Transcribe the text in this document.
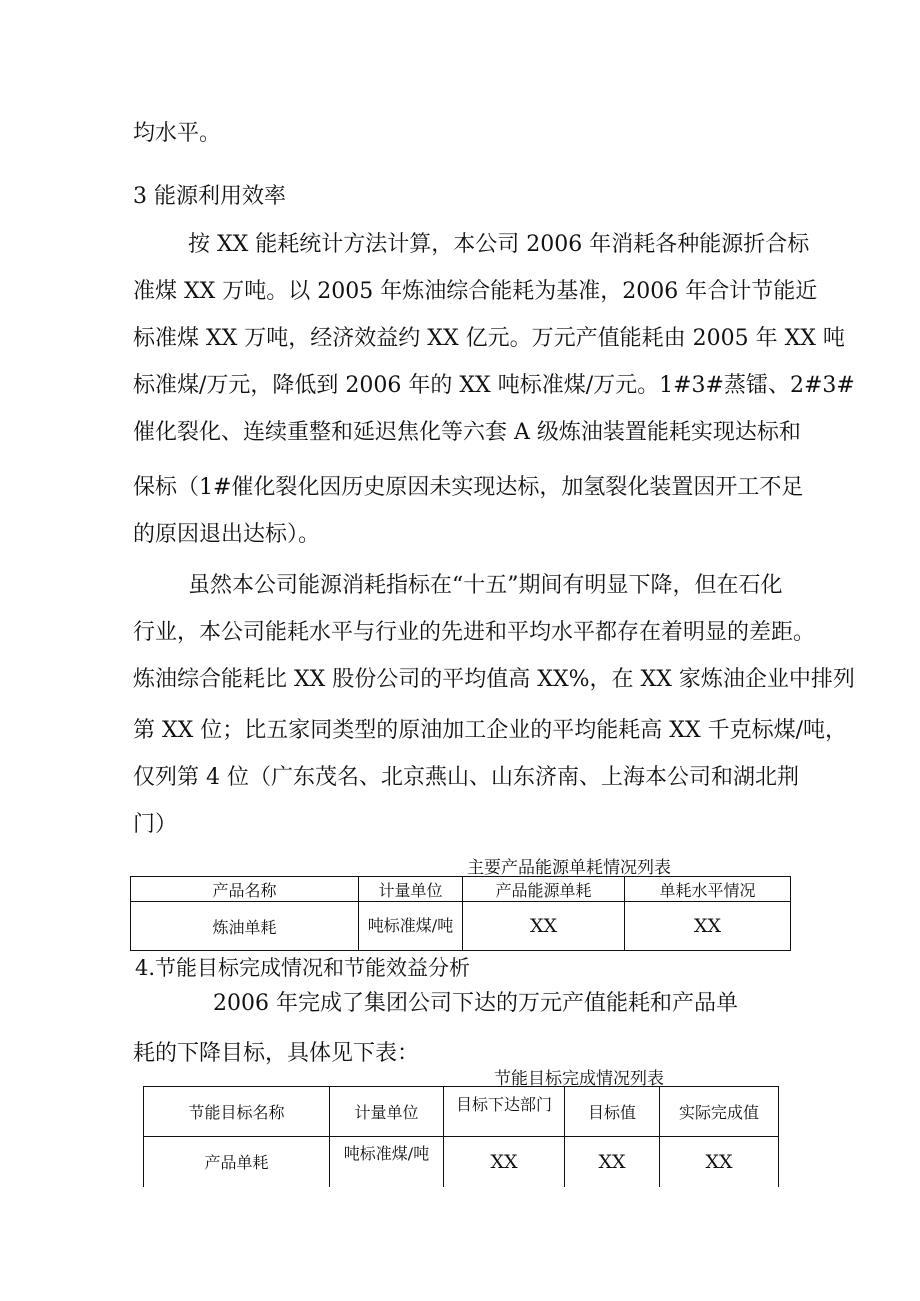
均水平。
3 能源利用效率
按 XX 能耗统计方法计算，本公司 2006 年消耗各种能源折合标
准煤 XX 万吨。以 2005 年炼油综合能耗为基准，2006 年合计节能近
标准煤 XX 万吨，经济效益约 XX 亿元。万元产值能耗由 2005 年 XX 吨
标准煤/万元，降低到 2006 年的 XX 吨标准煤/万元。1#3#蒸镭、2#3#
催化裂化、连续重整和延迟焦化等六套 A 级炼油装置能耗实现达标和
保标（1#催化裂化因历史原因未实现达标，加氢裂化装置因开工不足
的原因退出达标）。
虽然本公司能源消耗指标在“十五”期间有明显下降，但在石化
行业，本公司能耗水平与行业的先进和平均水平都存在着明显的差距。
炼油综合能耗比 XX 股份公司的平均值高 XX%，在 XX 家炼油企业中排列
第 XX 位；比五家同类型的原油加工企业的平均能耗高 XX 千克标煤/吨，
仅列第 4 位（广东茂名、北京燕山、山东济南、上海本公司和湖北荆
门）
主要产品能源单耗情况列表
产品名称	计量单位	产品能源单耗	单耗水平情况
炼油单耗	吨标准煤/吨	XX	XX
4.节能目标完成情况和节能效益分析
2006 年完成了集团公司下达的万元产值能耗和产品单
耗的下降目标，具体见下表：
节能目标完成情况列表
节能目标名称	计量单位	目标下达部门	目标值	实际完成值
产品单耗	吨标准煤/吨	XX	XX	XX
